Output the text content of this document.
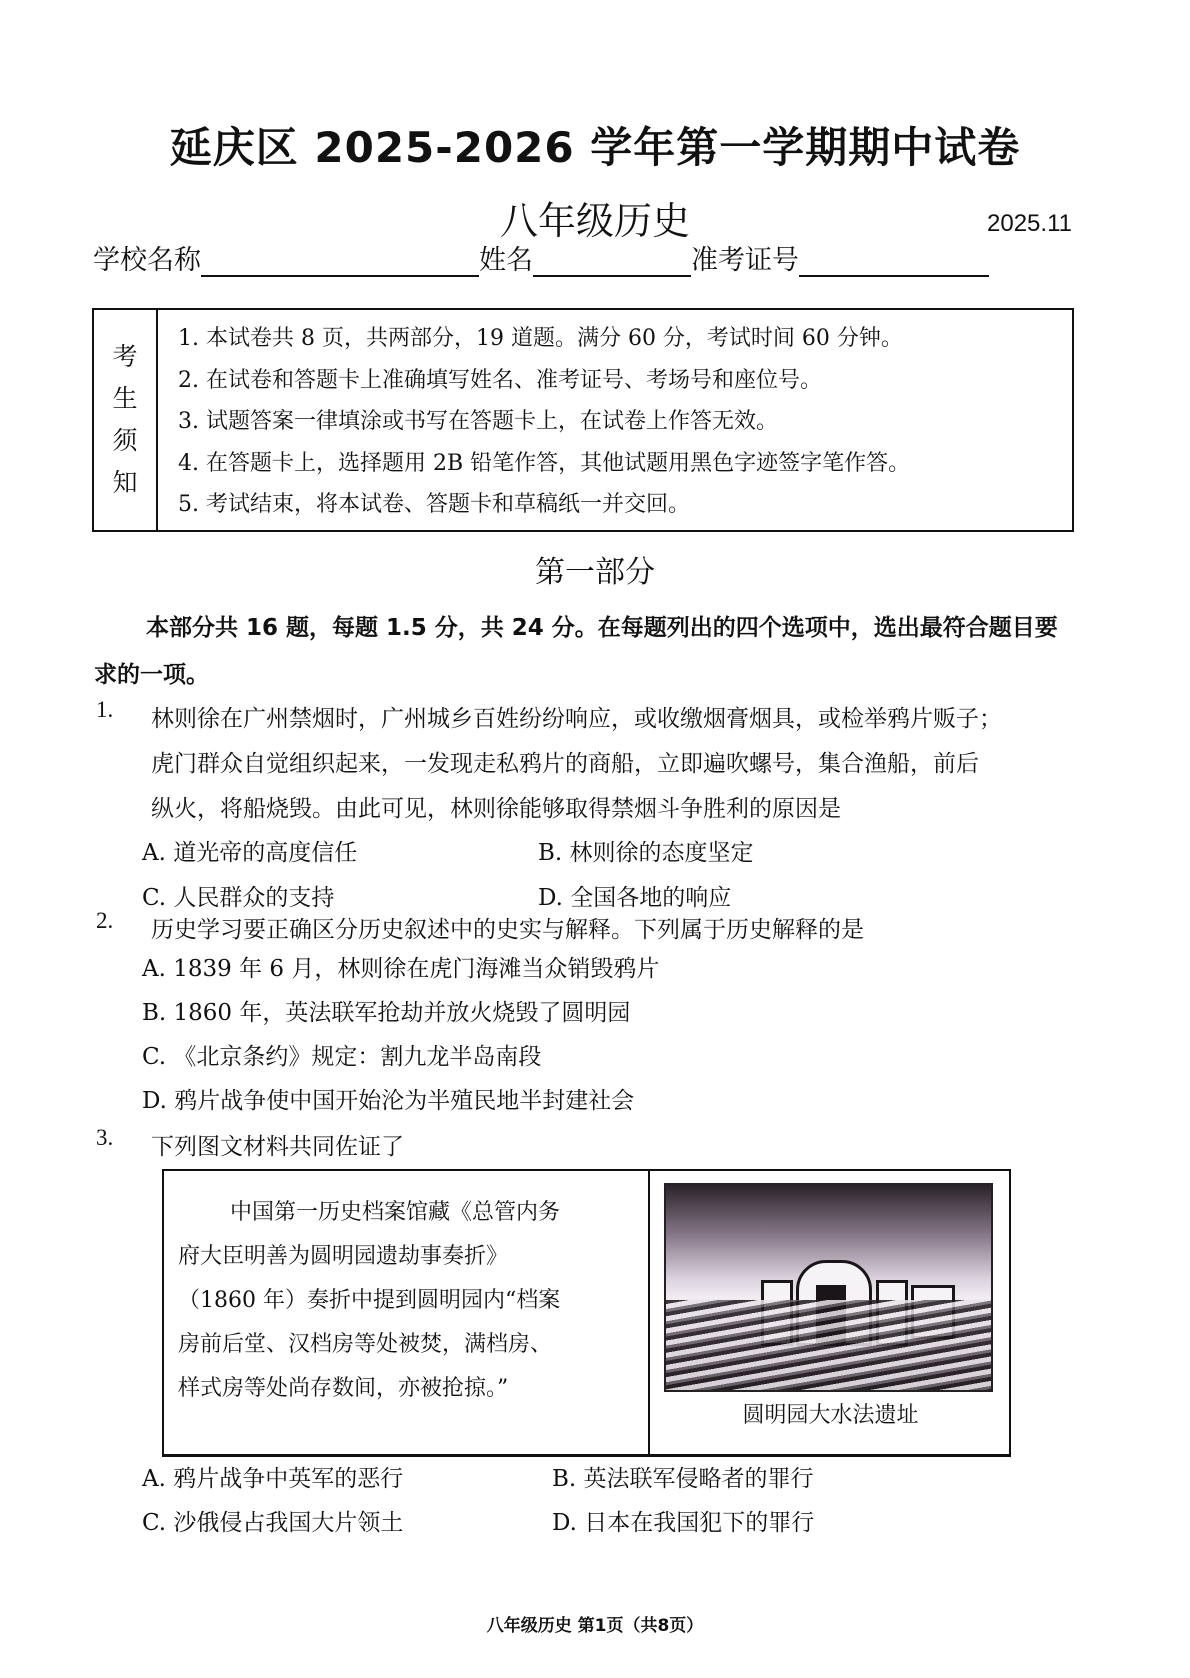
延庆区 2025-2026 学年第一学期期中试卷
八年级历史	2025.11
学校名称	姓名	准考证号
考
生
须
知
1. 本试卷共 8 页，共两部分，19 道题。满分 60 分，考试时间 60 分钟。
2. 在试卷和答题卡上准确填写姓名、准考证号、考场号和座位号。
3. 试题答案一律填涂或书写在答题卡上，在试卷上作答无效。
4. 在答题卡上，选择题用 2B 铅笔作答，其他试题用黑色字迹签字笔作答。
5. 考试结束，将本试卷、答题卡和草稿纸一并交回。
第一部分
本部分共 16 题，每题 1.5 分，共 24 分。在每题列出的四个选项中，选出最符合题目要求的一项。
1. 林则徐在广州禁烟时，广州城乡百姓纷纷响应，或收缴烟膏烟具，或检举鸦片贩子；
虎门群众自觉组织起来，一发现走私鸦片的商船，立即遍吹螺号，集合渔船，前后
纵火，将船烧毁。由此可见，林则徐能够取得禁烟斗争胜利的原因是
A. 道光帝的高度信任	B. 林则徐的态度坚定
C. 人民群众的支持	D. 全国各地的响应
2. 历史学习要正确区分历史叙述中的史实与解释。下列属于历史解释的是
A. 1839 年 6 月，林则徐在虎门海滩当众销毁鸦片
B. 1860 年，英法联军抢劫并放火烧毁了圆明园
C. 《北京条约》规定：割九龙半岛南段
D. 鸦片战争使中国开始沦为半殖民地半封建社会
3. 下列图文材料共同佐证了
中国第一历史档案馆藏《总管内务
府大臣明善为圆明园遗劫事奏折》
（1860 年）奏折中提到圆明园内“档案
房前后堂、汉档房等处被焚，满档房、
样式房等处尚存数间，亦被抢掠。”
圆明园大水法遗址
A. 鸦片战争中英军的恶行	B. 英法联军侵略者的罪行
C. 沙俄侵占我国大片领土	D. 日本在我国犯下的罪行
八年级历史 第1页（共8页）
